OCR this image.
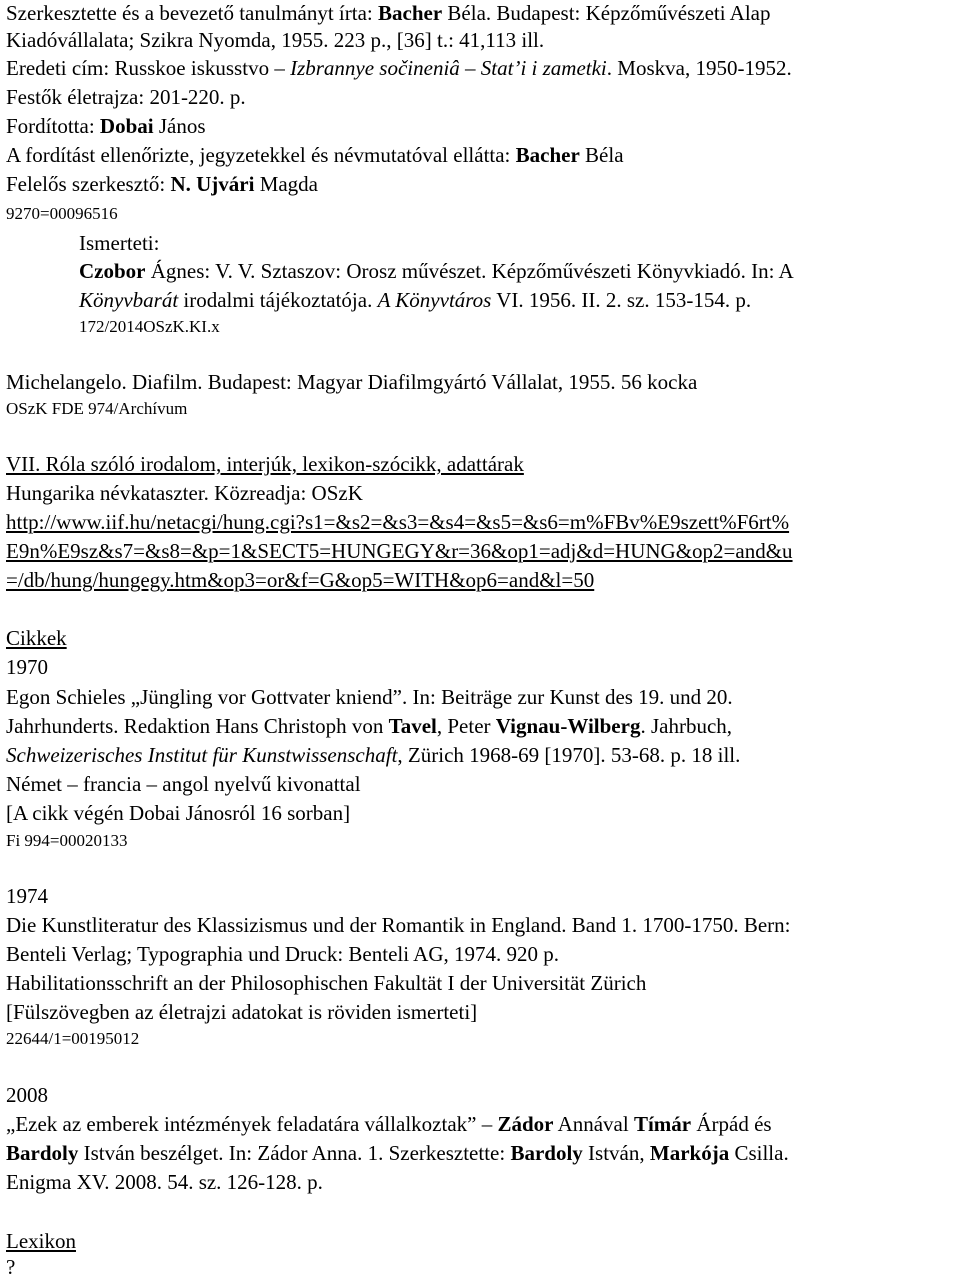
Szerkesztette és a bevezető tanulmányt írta: Bacher Béla. Budapest: Képzőművészeti Alap
Kiadóvállalata; Szikra Nyomda, 1955. 223 p., [36] t.: 41,113 ill.
Eredeti cím: Russkoe iskusstvo – Izbrannye sočineniâ – Stat’i i zametki. Moskva, 1950-1952.
Festők életrajza: 201-220. p.
Fordította: Dobai János
A fordítást ellenőrizte, jegyzetekkel és névmutatóval ellátta: Bacher Béla
Felelős szerkesztő: N. Ujvári Magda
9270=00096516
Ismerteti:
Czobor Ágnes: V. V. Sztaszov: Orosz művészet. Képzőművészeti Könyvkiadó. In: A
Könyvbarát irodalmi tájékoztatója. A Könyvtáros VI. 1956. II. 2. sz. 153-154. p.
172/2014OSzK.KI.x
Michelangelo. Diafilm. Budapest: Magyar Diafilmgyártó Vállalat, 1955. 56 kocka
OSzK FDE 974/Archívum
VII. Róla szóló irodalom, interjúk, lexikon-szócikk, adattárak
Hungarika névkataszter. Közreadja: OSzK
http://www.iif.hu/netacgi/hung.cgi?s1=&s2=&s3=&s4=&s5=&s6=m%FBv%E9szett%F6rt%
E9n%E9sz&s7=&s8=&p=1&SECT5=HUNGEGY&r=36&op1=adj&d=HUNG&op2=and&u
=/db/hung/hungegy.htm&op3=or&f=G&op5=WITH&op6=and&l=50
Cikkek
1970
Egon Schieles „Jüngling vor Gottvater kniend”. In: Beiträge zur Kunst des 19. und 20.
Jahrhunderts. Redaktion Hans Christoph von Tavel, Peter Vignau-Wilberg. Jahrbuch,
Schweizerisches Institut für Kunstwissenschaft, Zürich 1968-69 [1970]. 53-68. p. 18 ill.
Német – francia – angol nyelvű kivonattal
[A cikk végén Dobai Jánosról 16 sorban]
Fi 994=00020133
1974
Die Kunstliteratur des Klassizismus und der Romantik in England. Band 1. 1700-1750. Bern:
Benteli Verlag; Typographia und Druck: Benteli AG, 1974. 920 p.
Habilitationsschrift an der Philosophischen Fakultät I der Universität Zürich
[Fülszövegben az életrajzi adatokat is röviden ismerteti]
22644/1=00195012
2008
„Ezek az emberek intézmények feladatára vállalkoztak” – Zádor Annával Tímár Árpád és
Bardoly István beszélget. In: Zádor Anna. 1. Szerkesztette: Bardoly István, Markója Csilla.
Enigma XV. 2008. 54. sz. 126-128. p.
Lexikon
?
